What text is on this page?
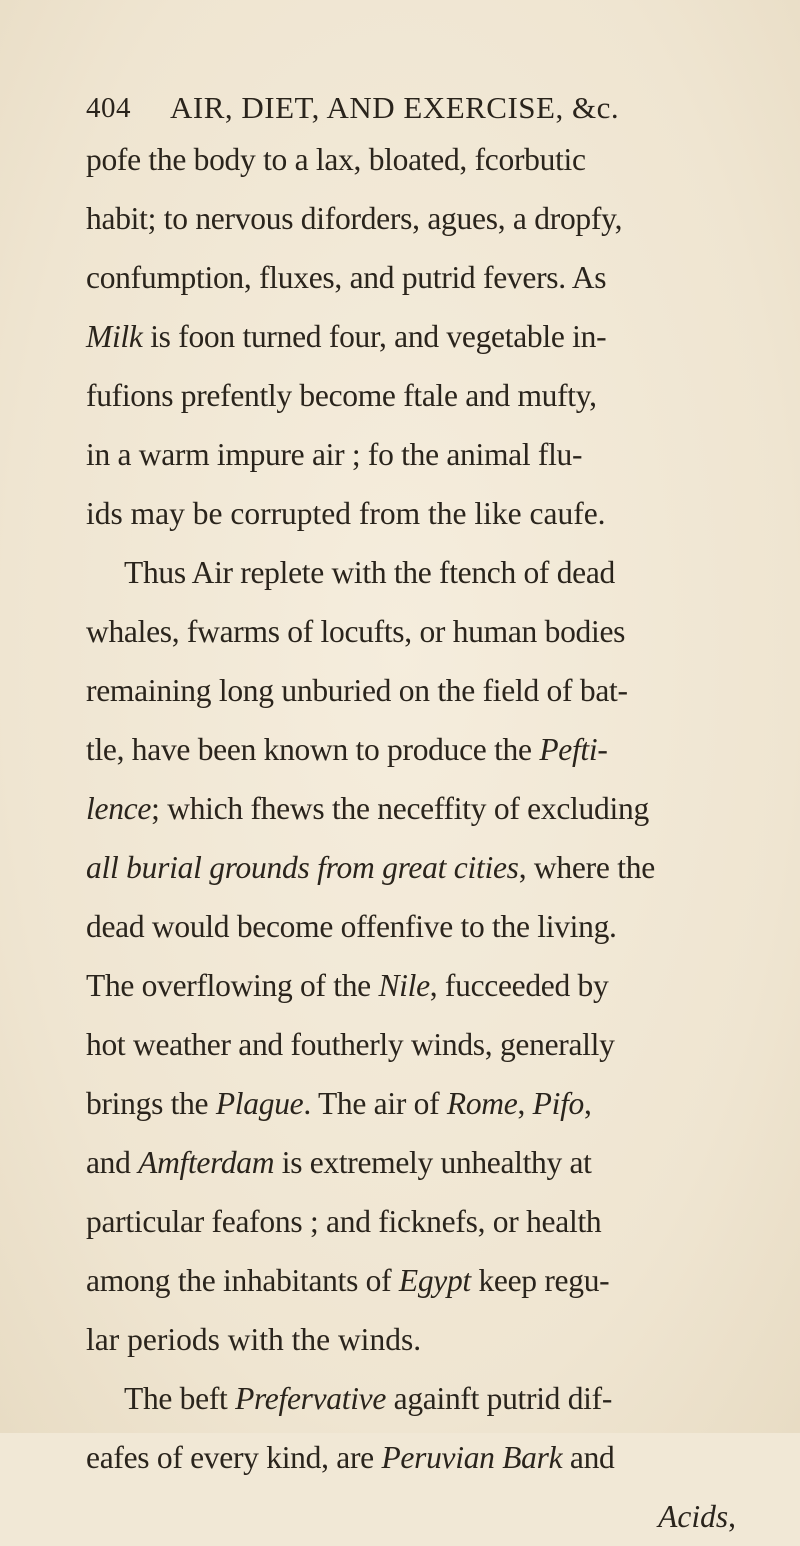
404 AIR, DIET, AND EXERCISE, &c.
pofe the body to a lax, bloated, fcorbutic
habit; to nervous diforders, agues, a dropfy,
confumption, fluxes, and putrid fevers. As
Milk is foon turned four, and vegetable in-
fufions prefently become ftale and mufty,
in a warm impure air ; fo the animal flu-
ids may be corrupted from the like caufe.
Thus Air replete with the ftench of dead
whales, fwarms of locufts, or human bodies
remaining long unburied on the field of bat-
tle, have been known to produce the Pefti-
lence; which fhews the neceffity of excluding
all burial grounds from great cities, where the
dead would become offenfive to the living.
The overflowing of the Nile, fucceeded by
hot weather and foutherly winds, generally
brings the Plague. The air of Rome, Pifo,
and Amfterdam is extremely unhealthy at
particular feafons ; and ficknefs, or health
among the inhabitants of Egypt keep regu-
lar periods with the winds.
The beft Prefervative againft putrid dif-
eafes of every kind, are Peruvian Bark and
Acids,
